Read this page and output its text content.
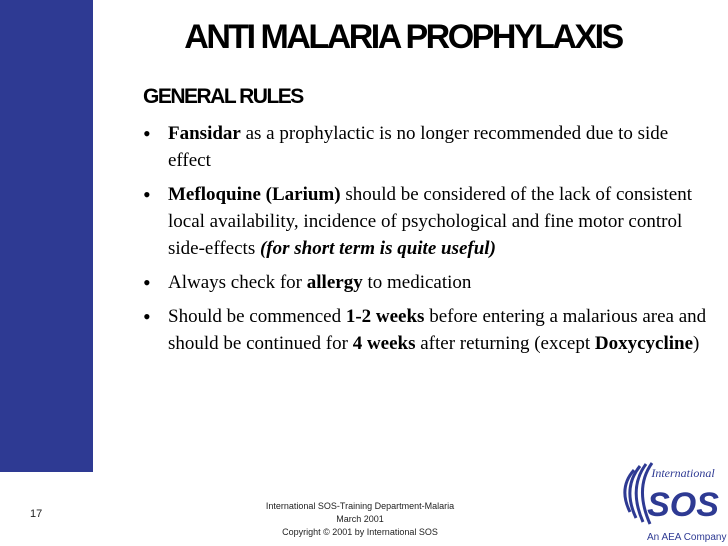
ANTI MALARIA PROPHYLAXIS
GENERAL RULES
• Fansidar as a prophylactic is no longer recommended due to side effect
• Mefloquine (Larium) should be considered of the lack of consistent local availability, incidence of psychological and fine motor control side-effects (for short term is quite useful)
• Always check for allergy to medication
• Should be commenced 1-2 weeks before entering a malarious area and should be continued for 4 weeks after returning (except Doxycycline)
17
International SOS-Training Department-Malaria
March 2001
Copyright © 2001 by International SOS
International
SOS
An AEA Company
